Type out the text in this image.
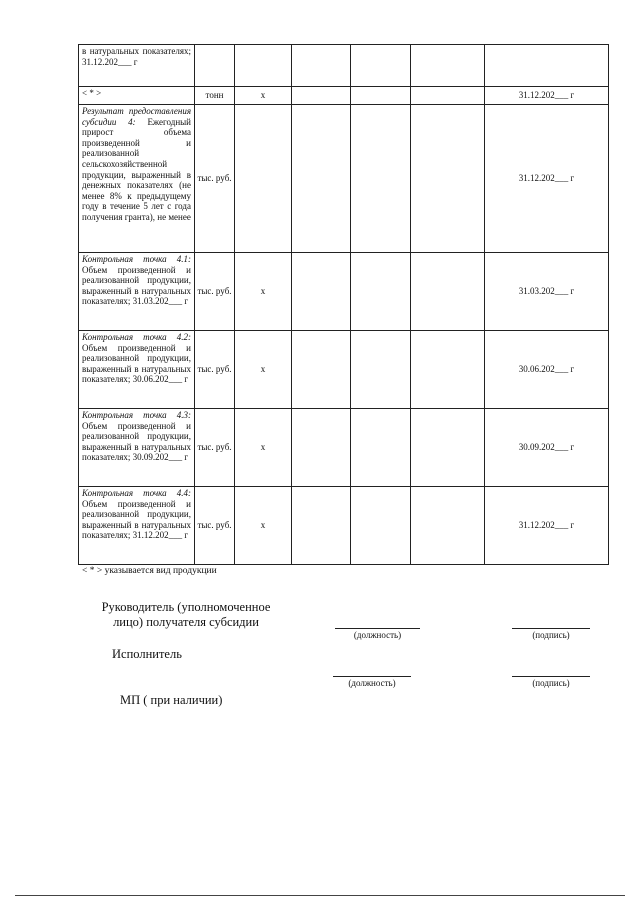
в натуральных показателях; 31.12.202___ г						
< * >	тонн	х				31.12.202___ г
Результат предоставления субсидии 4: Ежегодный прирост объема произведенной и реализованной сельскохозяйственной продукции, выраженный в денежных показателях (не менее 8% к предыдущему году в течение 5 лет с года получения гранта), не менее	тыс. руб.					31.12.202___ г
Контрольная точка 4.1: Объем произведенной и реализованной продукции, выраженный в натуральных показателях; 31.03.202___ г	тыс. руб.	х				31.03.202___ г
Контрольная точка 4.2: Объем произведенной и реализованной продукции, выраженный в натуральных показателях; 30.06.202___ г	тыс. руб.	х				30.06.202___ г
Контрольная точка 4.3: Объем произведенной и реализованной продукции, выраженный в натуральных показателях; 30.09.202___ г	тыс. руб.	х				30.09.202___ г
Контрольная точка 4.4: Объем произведенной и реализованной продукции, выраженный в натуральных показателях; 31.12.202___ г	тыс. руб.	х				31.12.202___ г
< * > указывается вид продукции
Руководитель (уполномоченное лицо) получателя субсидии
(должность)	(подпись)
Исполнитель
(должность)	(подпись)
МП ( при наличии)
